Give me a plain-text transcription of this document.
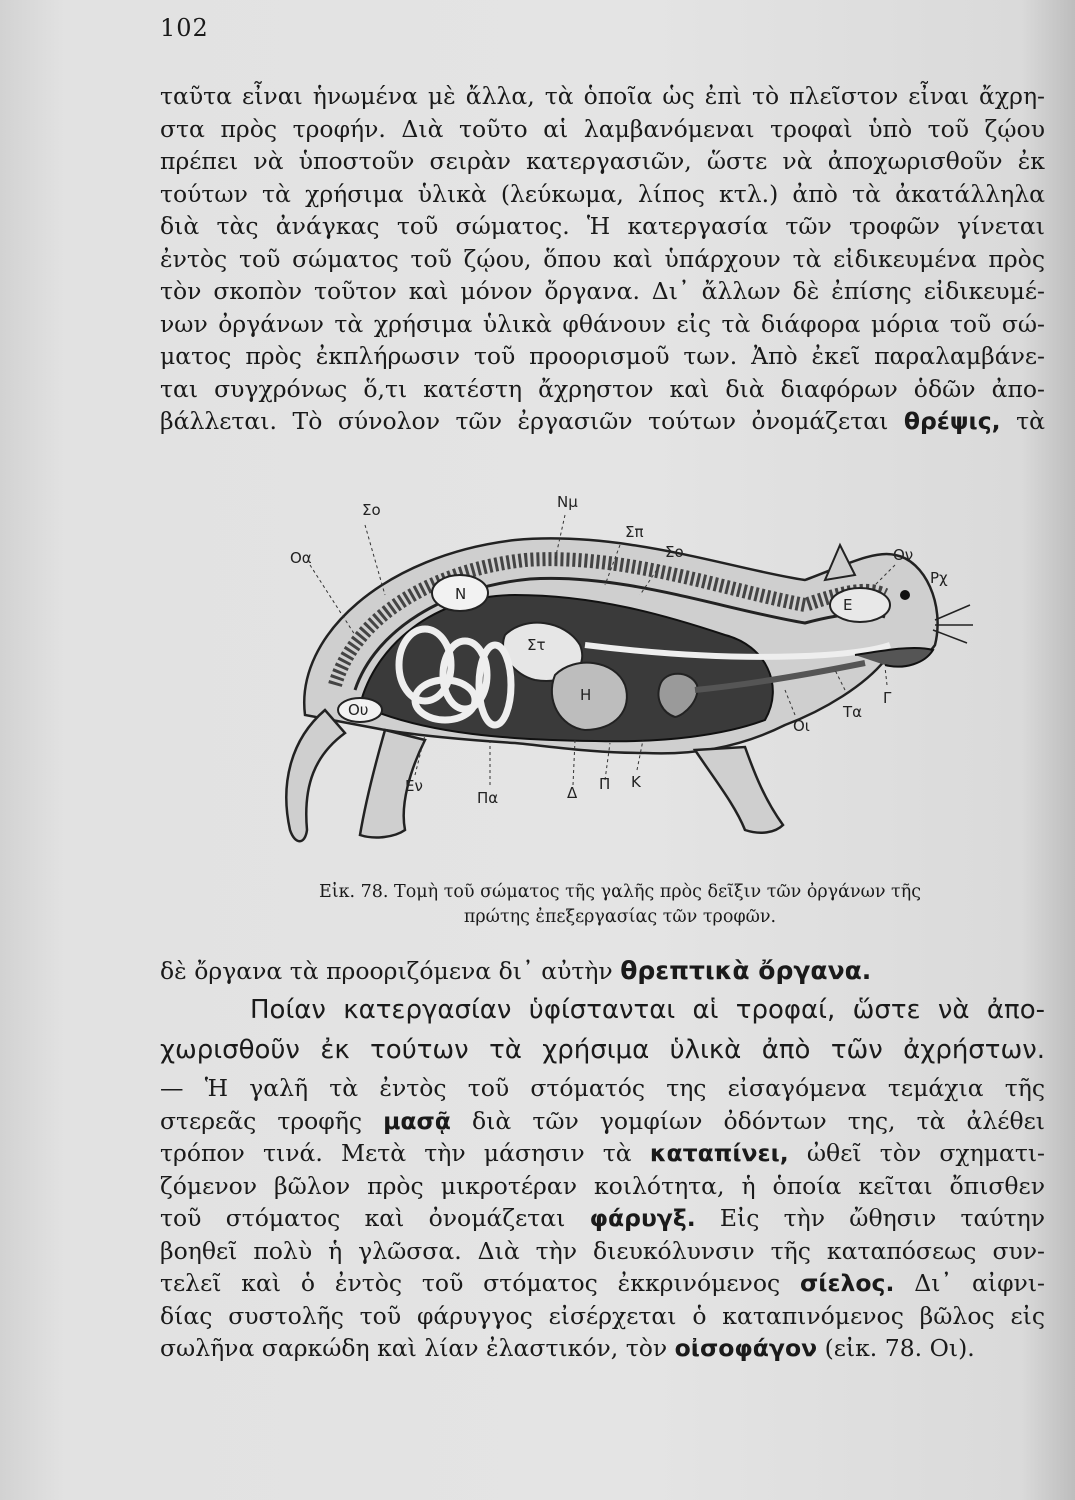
102
ταῦτα εἶναι ἡνωμένα μὲ ἄλλα, τὰ ὁποῖα ὡς ἐπὶ τὸ πλεῖστον εἶναι ἄχρη-
στα πρὸς τροφήν. Διὰ τοῦτο αἱ λαμβανόμεναι τροφαὶ ὑπὸ τοῦ ζῴου
πρέπει νὰ ὑποστοῦν σειρὰν κατεργασιῶν, ὥστε νὰ ἀποχωρισθοῦν ἐκ
τούτων τὰ χρήσιμα ὑλικὰ (λεύκωμα, λίπος κτλ.) ἀπὸ τὰ ἀκατάλληλα
διὰ τὰς ἀνάγκας τοῦ σώματος. Ἡ κατεργασία τῶν τροφῶν γίνεται
ἐντὸς τοῦ σώματος τοῦ ζῴου, ὅπου καὶ ὑπάρχουν τὰ εἰδικευμένα πρὸς
τὸν σκοπὸν τοῦτον καὶ μόνον ὄργανα. Δι᾿ ἄλλων δὲ ἐπίσης εἰδικευμέ-
νων ὀργάνων τὰ χρήσιμα ὑλικὰ φθάνουν εἰς τὰ διάφορα μόρια τοῦ σώ-
ματος πρὸς ἐκπλήρωσιν τοῦ προορισμοῦ των. Ἀπὸ ἐκεῖ παραλαμβάνε-
ται συγχρόνως ὅ,τι κατέστη ἄχρηστον καὶ διὰ διαφόρων ὁδῶν ἀπο-
βάλλεται. Τὸ σύνολον τῶν ἐργασιῶν τούτων ὀνομάζεται θρέψις, τὰ
Σο	Νμ
Σπ
Σο
Οα
N
Στ
Ον
Ρχ
E
Η
Ου
Οι
Τα
Γ
Εν
Πα	Δ Π Κ
Εἰκ. 78. Τομὴ τοῦ σώματος τῆς γαλῆς πρὸς δεῖξιν τῶν ὀργάνων τῆς
πρώτης ἐπεξεργασίας τῶν τροφῶν.
δὲ ὄργανα τὰ προοριζόμενα δι᾿ αὐτὴν θρεπτικὰ ὄργανα.
Ποίαν κατεργασίαν ὑφίστανται αἱ τροφαί, ὥστε νὰ ἀπο-
χωρισθοῦν ἐκ τούτων τὰ χρήσιμα ὑλικὰ ἀπὸ τῶν ἀχρήστων.
— Ἡ γαλῆ τὰ ἐντὸς τοῦ στόματός της εἰσαγόμενα τεμάχια τῆς
στερεᾶς τροφῆς μασᾷ διὰ τῶν γομφίων ὀδόντων της, τὰ ἀλέθει
τρόπον τινά. Μετὰ τὴν μάσησιν τὰ καταπίνει, ὠθεῖ τὸν σχηματι-
ζόμενον βῶλον πρὸς μικροτέραν κοιλότητα, ἡ ὁποία κεῖται ὄπισθεν
τοῦ στόματος καὶ ὀνομάζεται φάρυγξ. Εἰς τὴν ὤθησιν ταύτην
βοηθεῖ πολὺ ἡ γλῶσσα. Διὰ τὴν διευκόλυνσιν τῆς καταπόσεως συν-
τελεῖ καὶ ὁ ἐντὸς τοῦ στόματος ἐκκρινόμενος σίελος. Δι᾿ αἰφνι-
δίας συστολῆς τοῦ φάρυγγος εἰσέρχεται ὁ καταπινόμενος βῶλος εἰς
σωλῆνα σαρκώδη καὶ λίαν ἐλαστικόν, τὸν οἰσοφάγον (εἰκ. 78. Οι).
